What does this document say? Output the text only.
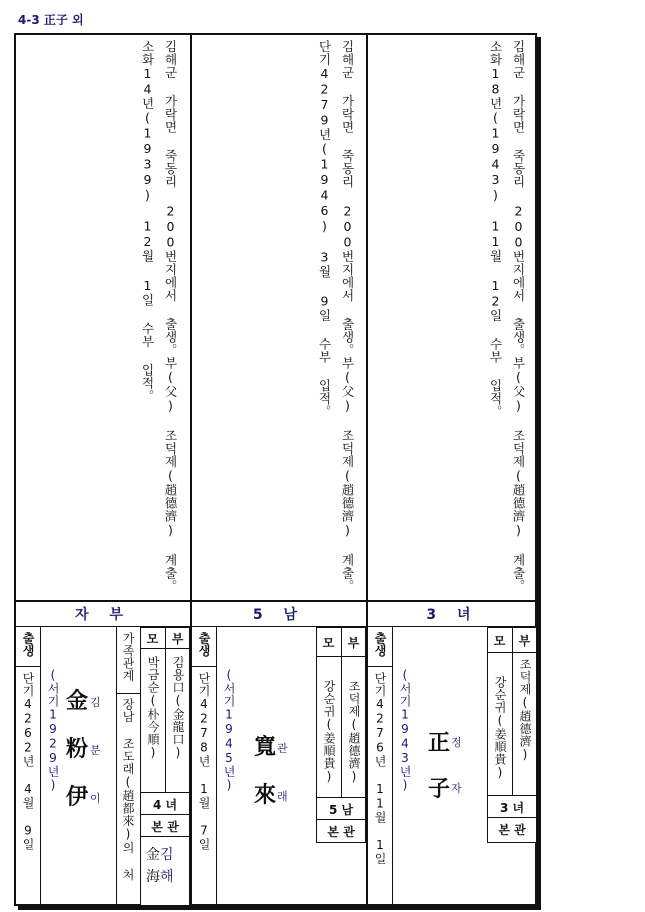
4-3 正子 외
김해군 가락면 죽동리 200번지에서 출생。부(父) 조덕제(趙德濟) 계출。
소화14년(1939) 12월 1일 수부 입적。
자 부
출생
단기4262년 4월 9일 (서기1929년) 金 김
粉 분
伊 이
가족관계
장남 조도래(趙都來)의 처
모	부
박금순(朴今順) 김용口(金龍口)
4 녀
본 관
金김
海해
김해군 가락면 죽동리 200번지에서 출생。부(父) 조덕제(趙德濟) 계출。
단기4279년(1946) 3월 9일 수부 입적。
5 남
출생
단기4278년 1월 7일 (서기1945년) 寬 관
來 래
모	부
강순귀(姜順貴) 조덕제(趙德濟)
5 남
본 관
김해군 가락면 죽동리 200번지에서 출생。부(父) 조덕제(趙德濟) 계출。
소화18년(1943) 11월 12일 수부 입적。
3 녀
출생
단기4276년 11월 1일 (서기1943년) 正 정
子 자
모	부
강순귀(姜順貴) 조덕제(趙德濟)
3 녀
본 관
